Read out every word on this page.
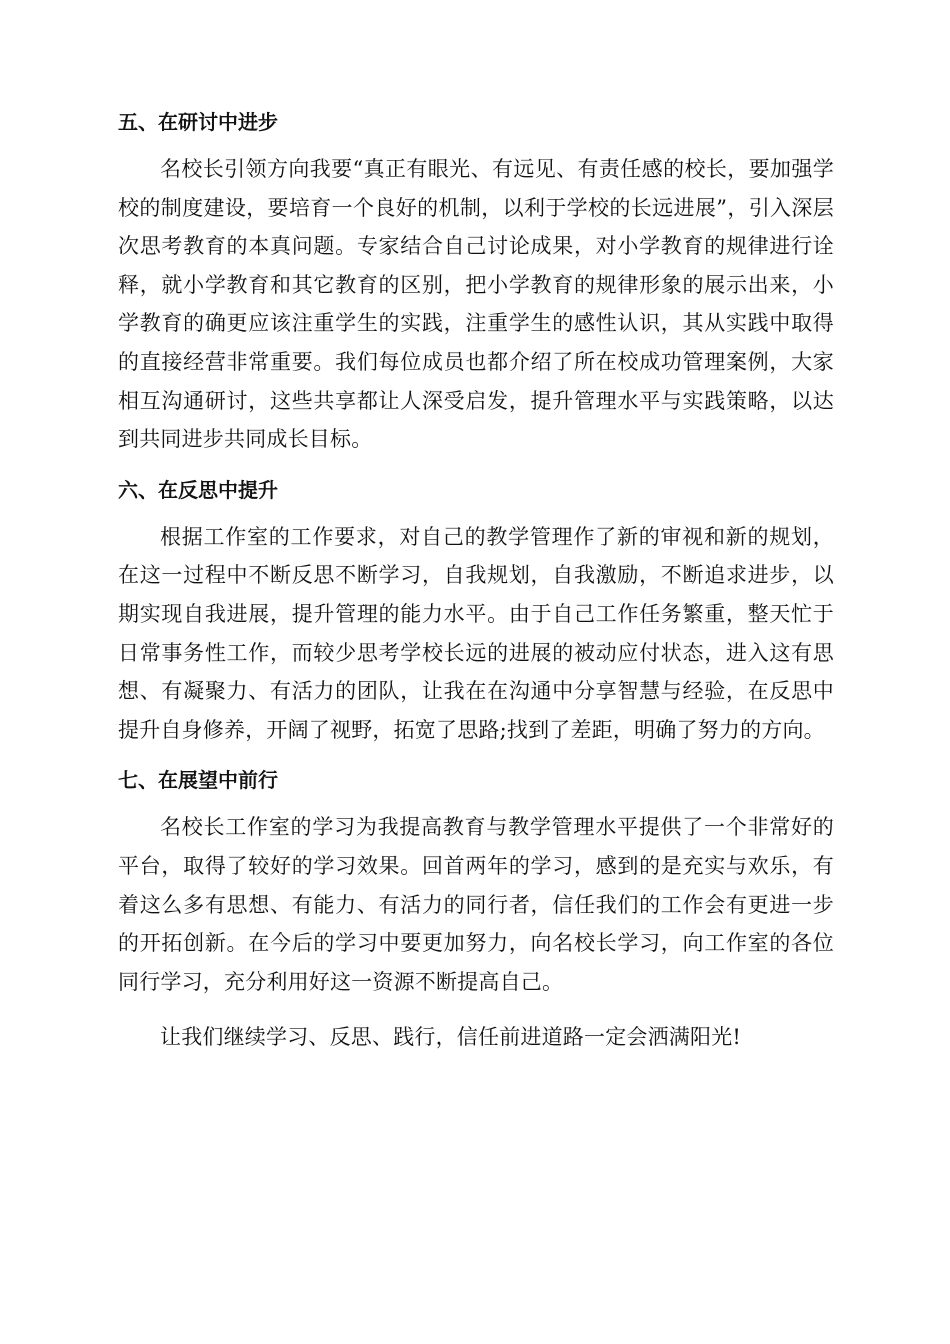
五、在研讨中进步

名校长引领方向我要“真正有眼光、有远见、有责任感的校长，要加强学校的制度建设，要培育一个良好的机制，以利于学校的长远进展”，引入深层次思考教育的本真问题。专家结合自己讨论成果，对小学教育的规律进行诠释，就小学教育和其它教育的区别，把小学教育的规律形象的展示出来，小学教育的确更应该注重学生的实践，注重学生的感性认识，其从实践中取得的直接经营非常重要。我们每位成员也都介绍了所在校成功管理案例，大家相互沟通研讨，这些共享都让人深受启发，提升管理水平与实践策略，以达到共同进步共同成长目标。

六、在反思中提升

根据工作室的工作要求，对自己的教学管理作了新的审视和新的规划，在这一过程中不断反思不断学习，自我规划，自我激励，不断追求进步，以期实现自我进展，提升管理的能力水平。由于自己工作任务繁重，整天忙于日常事务性工作，而较少思考学校长远的进展的被动应付状态，进入这有思想、有凝聚力、有活力的团队，让我在在沟通中分享智慧与经验，在反思中提升自身修养，开阔了视野，拓宽了思路;找到了差距，明确了努力的方向。

七、在展望中前行

名校长工作室的学习为我提高教育与教学管理水平提供了一个非常好的平台，取得了较好的学习效果。回首两年的学习，感到的是充实与欢乐，有着这么多有思想、有能力、有活力的同行者，信任我们的工作会有更进一步的开拓创新。在今后的学习中要更加努力，向名校长学习，向工作室的各位同行学习，充分利用好这一资源不断提高自己。

让我们继续学习、反思、践行，信任前进道路一定会洒满阳光!
